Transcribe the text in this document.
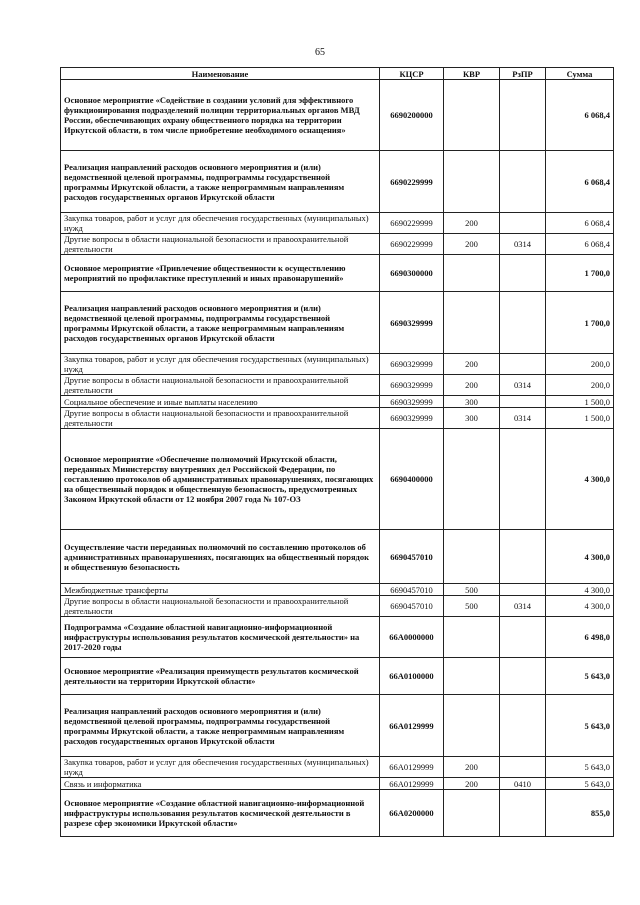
65
Наименование	КЦСР	КВР	РзПР	Сумма
Основное мероприятие «Содействие в создании условий для эффективного функционирования подразделений полиции территориальных органов МВД России, обеспечивающих охрану общественного порядка на территории Иркутской области, в том числе приобретение необходимого оснащения»	6690200000			6 068,4
Реализация направлений расходов основного мероприятия и (или) ведомственной целевой программы, подпрограммы государственной программы Иркутской области, а также непрограммным направлениям расходов государственных органов Иркутской области	6690229999			6 068,4
Закупка товаров, работ и услуг для обеспечения государственных (муниципальных) нужд	6690229999	200		6 068,4
Другие вопросы в области национальной безопасности и правоохранительной деятельности	6690229999	200	0314	6 068,4
Основное мероприятие «Привлечение общественности к осуществлению мероприятий по профилактике преступлений и иных правонарушений»	6690300000			1 700,0
Реализация направлений расходов основного мероприятия и (или) ведомственной целевой программы, подпрограммы государственной программы Иркутской области, а также непрограммным направлениям расходов государственных органов Иркутской области	6690329999			1 700,0
Закупка товаров, работ и услуг для обеспечения государственных (муниципальных) нужд	6690329999	200		200,0
Другие вопросы в области национальной безопасности и правоохранительной деятельности	6690329999	200	0314	200,0
Социальное обеспечение и иные выплаты населению	6690329999	300		1 500,0
Другие вопросы в области национальной безопасности и правоохранительной деятельности	6690329999	300	0314	1 500,0
Основное мероприятие «Обеспечение полномочий Иркутской области, переданных Министерству внутренних дел Российской Федерации, по составлению протоколов об административных правонарушениях, посягающих на общественный порядок и общественную безопасность, предусмотренных Законом Иркутской области от 12 ноября 2007 года № 107-ОЗ	6690400000			4 300,0
Осуществление части переданных полномочий по составлению протоколов об административных правонарушениях, посягающих на общественный порядок и общественную безопасность	6690457010			4 300,0
Межбюджетные трансферты	6690457010	500		4 300,0
Другие вопросы в области национальной безопасности и правоохранительной деятельности	6690457010	500	0314	4 300,0
Подпрограмма «Создание областной навигационно-информационной инфраструктуры использования результатов космической деятельности» на 2017-2020 годы	66А0000000			6 498,0
Основное мероприятие «Реализация преимуществ результатов космической деятельности на территории Иркутской области»	66А0100000			5 643,0
Реализация направлений расходов основного мероприятия и (или) ведомственной целевой программы, подпрограммы государственной программы Иркутской области, а также непрограммным направлениям расходов государственных органов Иркутской области	66А0129999			5 643,0
Закупка товаров, работ и услуг для обеспечения государственных (муниципальных) нужд	66А0129999	200		5 643,0
Связь и информатика	66А0129999	200	0410	5 643,0
Основное мероприятие «Создание областной навигационно-информационной инфраструктуры использования результатов космической деятельности в разрезе сфер экономики Иркутской области»	66А0200000			855,0
